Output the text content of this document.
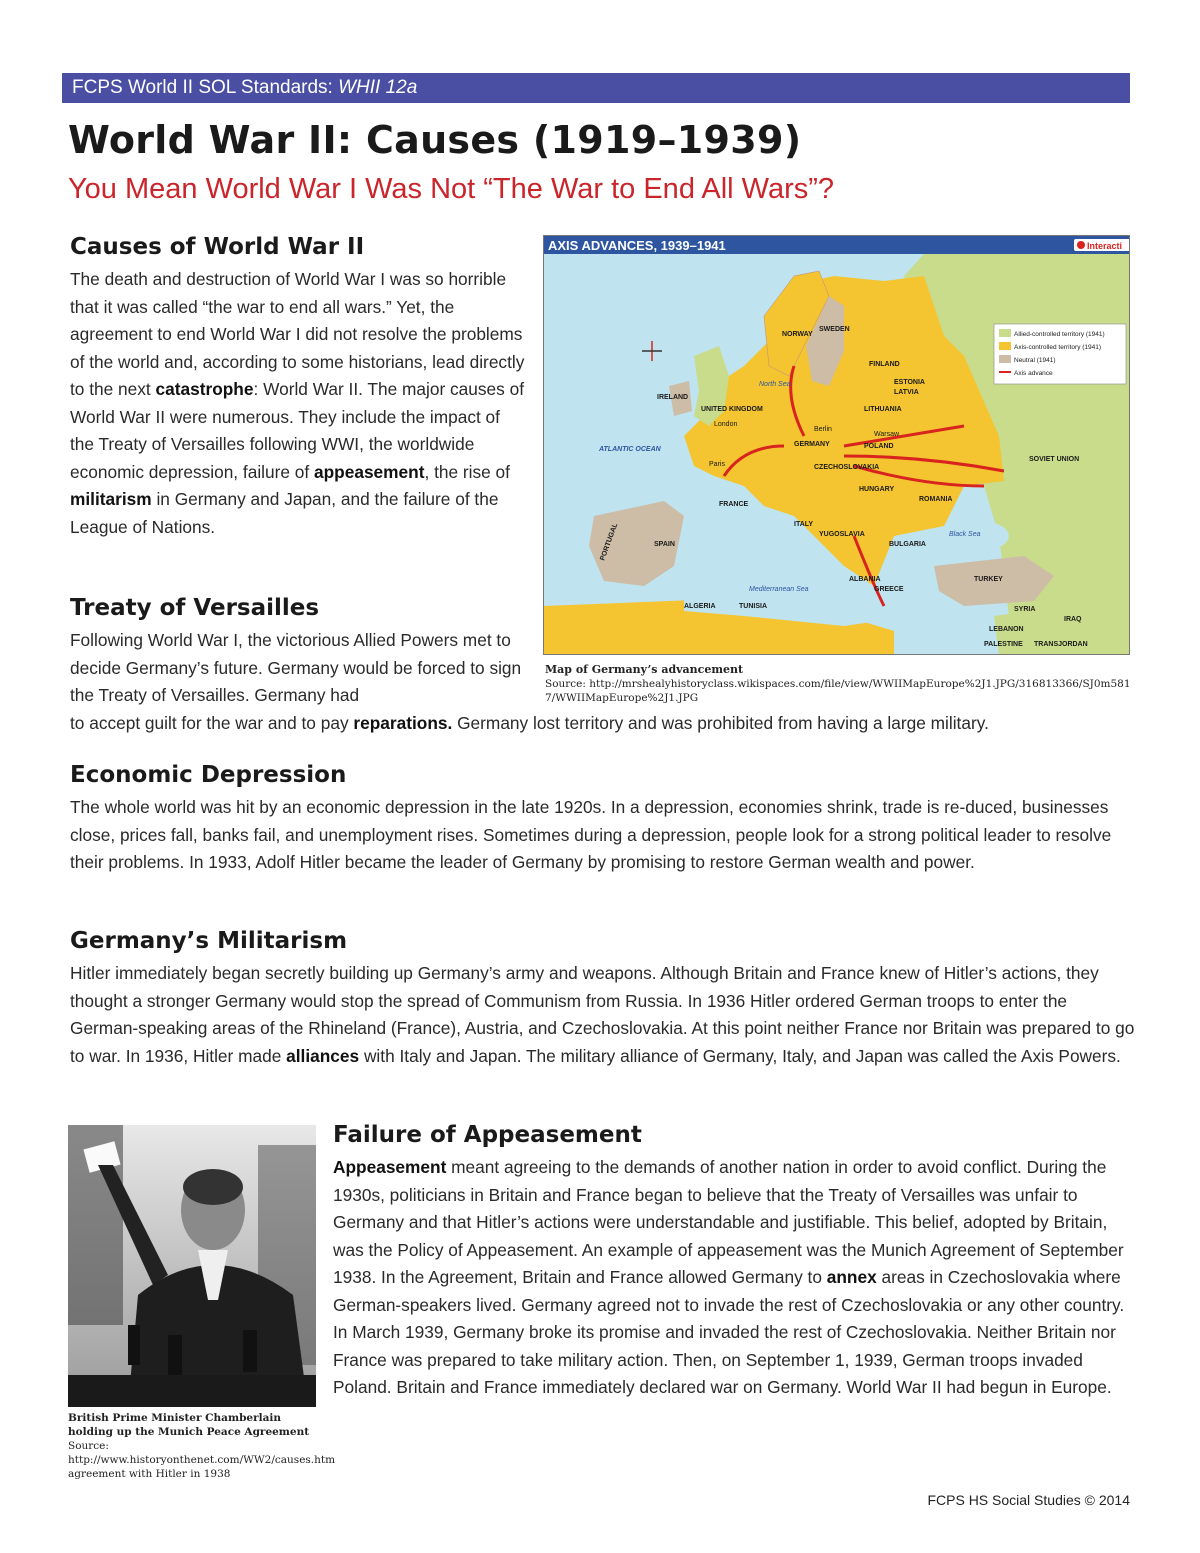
FCPS World II SOL Standards: WHII 12a
World War II: Causes (1919–1939)
You Mean World War I Was Not “The War to End All Wars”?
Causes of World War II

The death and destruction of World War I was so horrible that it was called “the war to end all wars.” Yet, the agreement to end World War I did not resolve the problems of the world and, according to some historians, lead directly to the next catastrophe: World War II. The major causes of World War II were numerous. They include the impact of the Treaty of Versailles following WWI, the worldwide economic depression, failure of appeasement, the rise of militarism in Germany and Japan, and the failure of the League of Nations.

Treaty of Versailles

Following World War I, the victorious Allied Powers met to decide Germany’s future. Germany would be forced to sign the Treaty of Versailles. Germany had

to accept guilt for the war and to pay reparations. Germany lost territory and was prohibited from having a large military.

Economic Depression

The whole world was hit by an economic depression in the late 1920s. In a depression, economies shrink, trade is re-duced, businesses close, prices fall, banks fail, and unemployment rises. Sometimes during a depression, people look for a strong political leader to resolve their problems. In 1933, Adolf Hitler became the leader of Germany by promising to restore German wealth and power.

Germany’s Militarism

Hitler immediately began secretly building up Germany’s army and weapons. Although Britain and France knew of Hitler’s actions, they thought a stronger Germany would stop the spread of Communism from Russia. In 1936 Hitler ordered German troops to enter the German-speaking areas of the Rhineland (France), Austria, and Czechoslovakia. At this point neither France nor Britain was prepared to go to war. In 1936, Hitler made alliances with Italy and Japan. The military alliance of Germany, Italy, and Japan was called the Axis Powers.

Failure of Appeasement

Appeasement meant agreeing to the demands of another nation in order to avoid conflict. During the 1930s, politicians in Britain and France began to believe that the Treaty of Versailles was unfair to Germany and that Hitler’s actions were understandable and justifiable. This belief, adopted by Britain, was the Policy of Appeasement. An example of appeasement was the Munich Agreement of September 1938. In the Agreement, Britain and France allowed Germany to annex areas in Czechoslovakia where German-speakers lived. Germany agreed not to invade the rest of Czechoslovakia or any other country. In March 1939, Germany broke its promise and invaded the rest of Czechoslovakia. Neither Britain nor France was prepared to take military action. Then, on September 1, 1939, German troops invaded Poland. Britain and France immediately declared war on Germany. World War II had begun in Europe.

AXIS ADVANCES, 1939–1941	Interacti
Allied-controlled territory (1941)
Axis-controlled territory (1941)
Neutral (1941)
Axis advance
NORWAY
SWEDEN
FINLAND
ESTONIA
LATVIA
LITHUANIA
IRELAND
UNITED KINGDOM
ATLANTIC OCEAN
FRANCE
SPAIN
PORTUGAL
GERMANY	POLAND
CZECHOSLOVAKIA
HUNGARY
ROMANIA
YUGOSLAVIA
ITALY
ALBANIA
BULGARIA
GREECE
SOVIET UNION
TURKEY
ALGERIA	TUNISIA	SYRIA
IRAQ
LEBANON
PALESTINE TRANSJORDAN
Black Sea
North Sea
Mediterranean Sea
London
Paris
Berlin
Warsaw
Map of Germany’s advancement
Source: http://mrshealyhistoryclass.wikispaces.com/file/view/WWIIMapEurope%2J1.JPG/316813366/SJ0m5817/WWIIMapEurope%2J1.JPG
British Prime Minister Chamberlain holding up the Munich Peace Agreement
Source: http://www.historyonthenet.com/WW2/causes.htm agreement with Hitler in 1938
FCPS HS Social Studies © 2014
